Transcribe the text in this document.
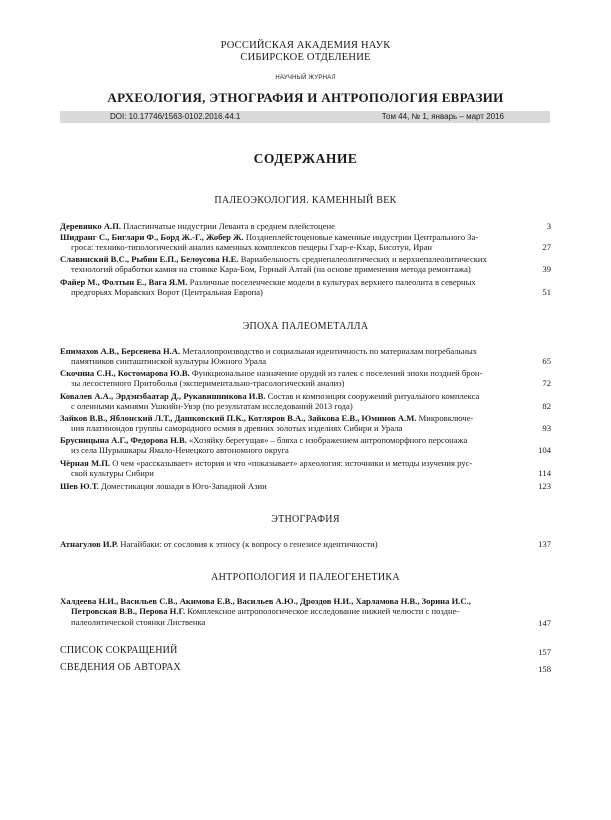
РОССИЙСКАЯ АКАДЕМИЯ НАУК
СИБИРСКОЕ ОТДЕЛЕНИЕ
НАУЧНЫЙ ЖУРНАЛ
АРХЕОЛОГИЯ, ЭТНОГРАФИЯ И АНТРОПОЛОГИЯ ЕВРАЗИИ
DOI: 10.17746/1563-0102.2016.44.1	Том 44, № 1, январь – март 2016
СОДЕРЖАНИЕ
ПАЛЕОЭКОЛОГИЯ. КАМЕННЫЙ ВЕК
Деревянко А.П. Пластинчатые индустрии Леванта в среднем плейстоцене	3
Шидранг С., Биглари Ф., Борд Ж.-Г., Жобер Ж. Позднеплейстоценовые каменные индустрии Центрального За-
гроса: технико-типологический анализ каменных комплексов пещеры Гхар-е-Кхар, Бисотун, Иран	27
Славинский В.С., Рыбин Е.П., Белоусова Н.Е. Вариабельность среднепалеолитических и верхнепалеолитических
технологий обработки камня на стоянке Кара-Бом, Горный Алтай (на основе применения метода ремонтажа)	39
Файер М., Фолтын Е., Вага Я.М. Различные поселенческие модели в культурах верхнего палеолита в северных
предгорьях Моравских Ворот (Центральная Европа)	51
ЭПОХА ПАЛЕОМЕТАЛЛА
Епимахов А.В., Берсенева Н.А. Металлопроизводство и социальная идентичность по материалам погребальных
памятников синташтинской культуры Южного Урала	65
Скочина С.Н., Костомарова Ю.В. Функциональное назначение орудий из галек с поселений эпохи поздней брон-
зы лесостепного Притоболья (экспериментально-трасологический анализ)	72
Ковалев А.А., Эрдэнэбаатар Д., Рукавишникова И.В. Состав и композиция сооружений ритуального комплекса
с оленными камнями Ушкийн-Увэр (по результатам исследований 2013 года)	82
Зайков В.В., Яблонский Л.Т., Дашковский П.К., Котляров В.А., Зайкова Е.В., Юминов А.М. Микровключе-
ния платиноидов группы самородного осмия в древних золотых изделиях Сибири и Урала	93
Брусницына А.Г., Федорова Н.В. «Хозяйку берегущая» – бляха с изображением антропоморфного персонажа
из села Шурышкары Ямало-Ненецкого автономного округа	104
Чёрная М.П. О чем «рассказывает» история и что «показывает» археология: источники и методы изучения рус-
ской культуры Сибири	114
Шев Ю.Т. Доместикация лошади в Юго-Западной Азии	123
ЭТНОГРАФИЯ
Атнагулов И.Р. Нагайбаки: от сословия к этносу (к вопросу о генезисе идентичности)	137
АНТРОПОЛОГИЯ И ПАЛЕОГЕНЕТИКА
Халдеева Н.И., Васильев С.В., Акимова Е.В., Васильев А.Ю., Дроздов Н.И., Харламова Н.В., Зорина И.С.,
Петровская В.В., Перова Н.Г. Комплексное антропологическое исследование нижней челюсти с поздне-
палеолитической стоянки Лиственка	147
СПИСОК СОКРАЩЕНИЙ	157
СВЕДЕНИЯ ОБ АВТОРАХ	158
